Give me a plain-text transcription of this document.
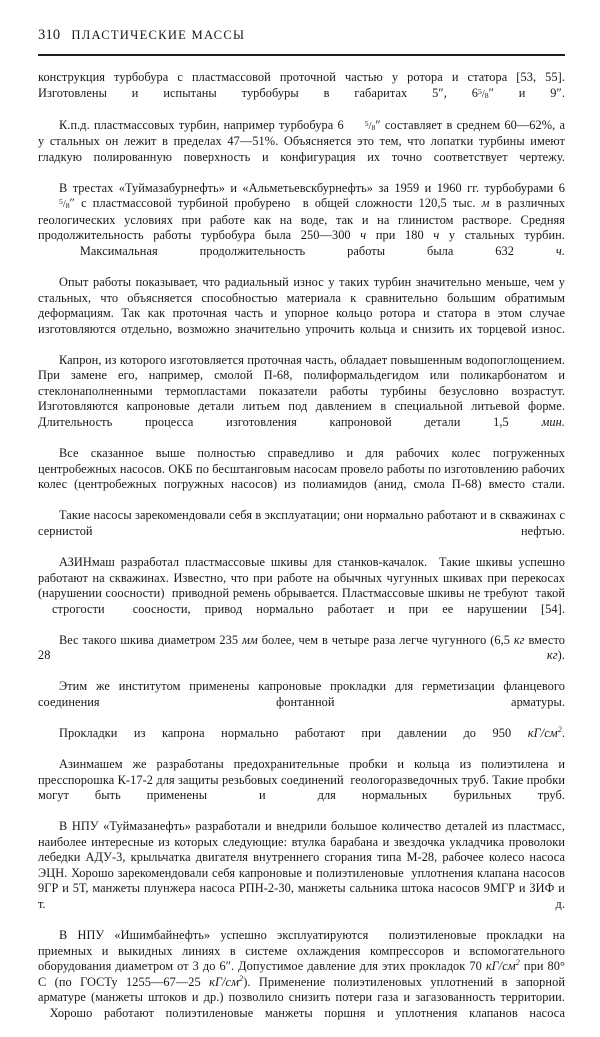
310 ПЛАСТИЧЕСКИЕ МАССЫ

конструкция турбобура с пластмассовой проточной частью у ротора и статора [53, 55]. Изготовлены и испытаны турбобуры в габаритах 5″, $6^5/8''$ и 9″.

К.п.д. пластмассовых турбин, например турбобура 6	$^5$/8″ составляет в среднем 60—62%, а у стальных он лежит в пределах 47—51%. Объясняется это тем, что лопатки турбины имеют гладкую полированную поверхность и конфигурация их точно соответствует чертежу.

В трестах «Туймазабурнефть» и «Альметьевскбурнефть» за 1959 и 1960 гг. турбобурами $6^5/8''$ с пластмассовой турбиной пробурено  в общей сложности 120,5 тыс. м в различных геологических условиях при работе как на воде, так и на глинистом растворе. Средняя продолжительность работы турбобура была 250—300 ч при 180 ч у стальных турбин.  Максимальная продолжительность работы была 632 ч.

Опыт работы показывает, что радиальный износ у таких турбин значительно меньше, чем у стальных, что объясняется способностью материала к сравнительно большим обратимым деформациям. Так как проточная часть и упорное кольцо ротора и статора в этом случае изготовляются отдельно, возможно значительно упрочить кольца и снизить их торцевой износ.

Капрон, из которого изготовляется проточная часть, обладает повышенным водопоглощением. При замене его, например, смолой П-68, полиформальдегидом или поликарбонатом и стеклонаполненными термопластами показатели работы турбины безусловно возрастут. Изготовляются капроновые детали литьем под давлением в специальной литьевой форме. Длительность процесса изготовления капроновой детали 1,5 мин.

Все сказанное выше полностью справедливо и для рабочих колес погруженных центробежных насосов. ОКБ по бесштанговым насосам провело работы по изготовлению рабочих колес (центробежных погружных насосов) из полиамидов (анид, смола П-68) вместо стали.

Такие насосы зарекомендовали себя в эксплуатации; они нормально работают и в скважинах с сернистой нефтью.

АЗИНмаш разработал пластмассовые шкивы для станков-качалок.  Такие шкивы успешно работают на скважинах. Известно, что при работе на обычных чугунных шкивах при перекосах (нарушении соосности)  приводной ремень обрывается. Пластмассовые шкивы не требуют  такой  строгости  соосности, привод нормально работает и при ее нарушении [54].

Вес такого шкива диаметром 235 мм более, чем в четыре раза легче чугунного (6,5 кг вместо 28 кг).

Этим же институтом применены капроновые прокладки для герметизации фланцевого соединения фонтанной арматуры.

Прокладки из капрона нормально работают при давлении до 950 $кГ/см^2$.

Азинмашем же разработаны предохранительные пробки и кольца из полиэтилена и пресспорошка К-17-2 для защиты резьбовых соединений  геологоразведочных труб. Такие пробки могут быть применены  и  для нормальных бурильных труб.

В НПУ «Туймазанефть» разработали и внедрили большое количество деталей из пластмасс, наиболее интересные из которых следующие: втулка барабана и звездочка укладчика проволоки лебедки АДУ-3, крыльчатка двигателя внутреннего сгорания типа М-28, рабочее колесо насоса ЭЦН. Хорошо зарекомендовали себя капроновые и полиэтиленовые  уплотнения клапана насосов 9ГР и 5Т, манжеты плунжера насоса РПН-2-30, манжеты сальника штока насосов 9МГР и ЗИФ и т. д.

В НПУ «Ишимбайнефть» успешно эксплуатируются  полиэтиленовые прокладки на приемных и выкидных линиях в системе охлаждения компрессоров и вспомогательного оборудования диаметром от 3 до 6″. Допустимое давление для этих прокладок 70 $кГ/см^2$ при 80° С (по ГОСТу 1255—67—25 $кГ/см^2$). Применение полиэтиленовых уплотнений в запорной арматуре (манжеты штоков и др.) позволило снизить потери газа и загазованность территории.  Хорошо работают полиэтиленовые манжеты поршня и уплотнения клапанов насоса
